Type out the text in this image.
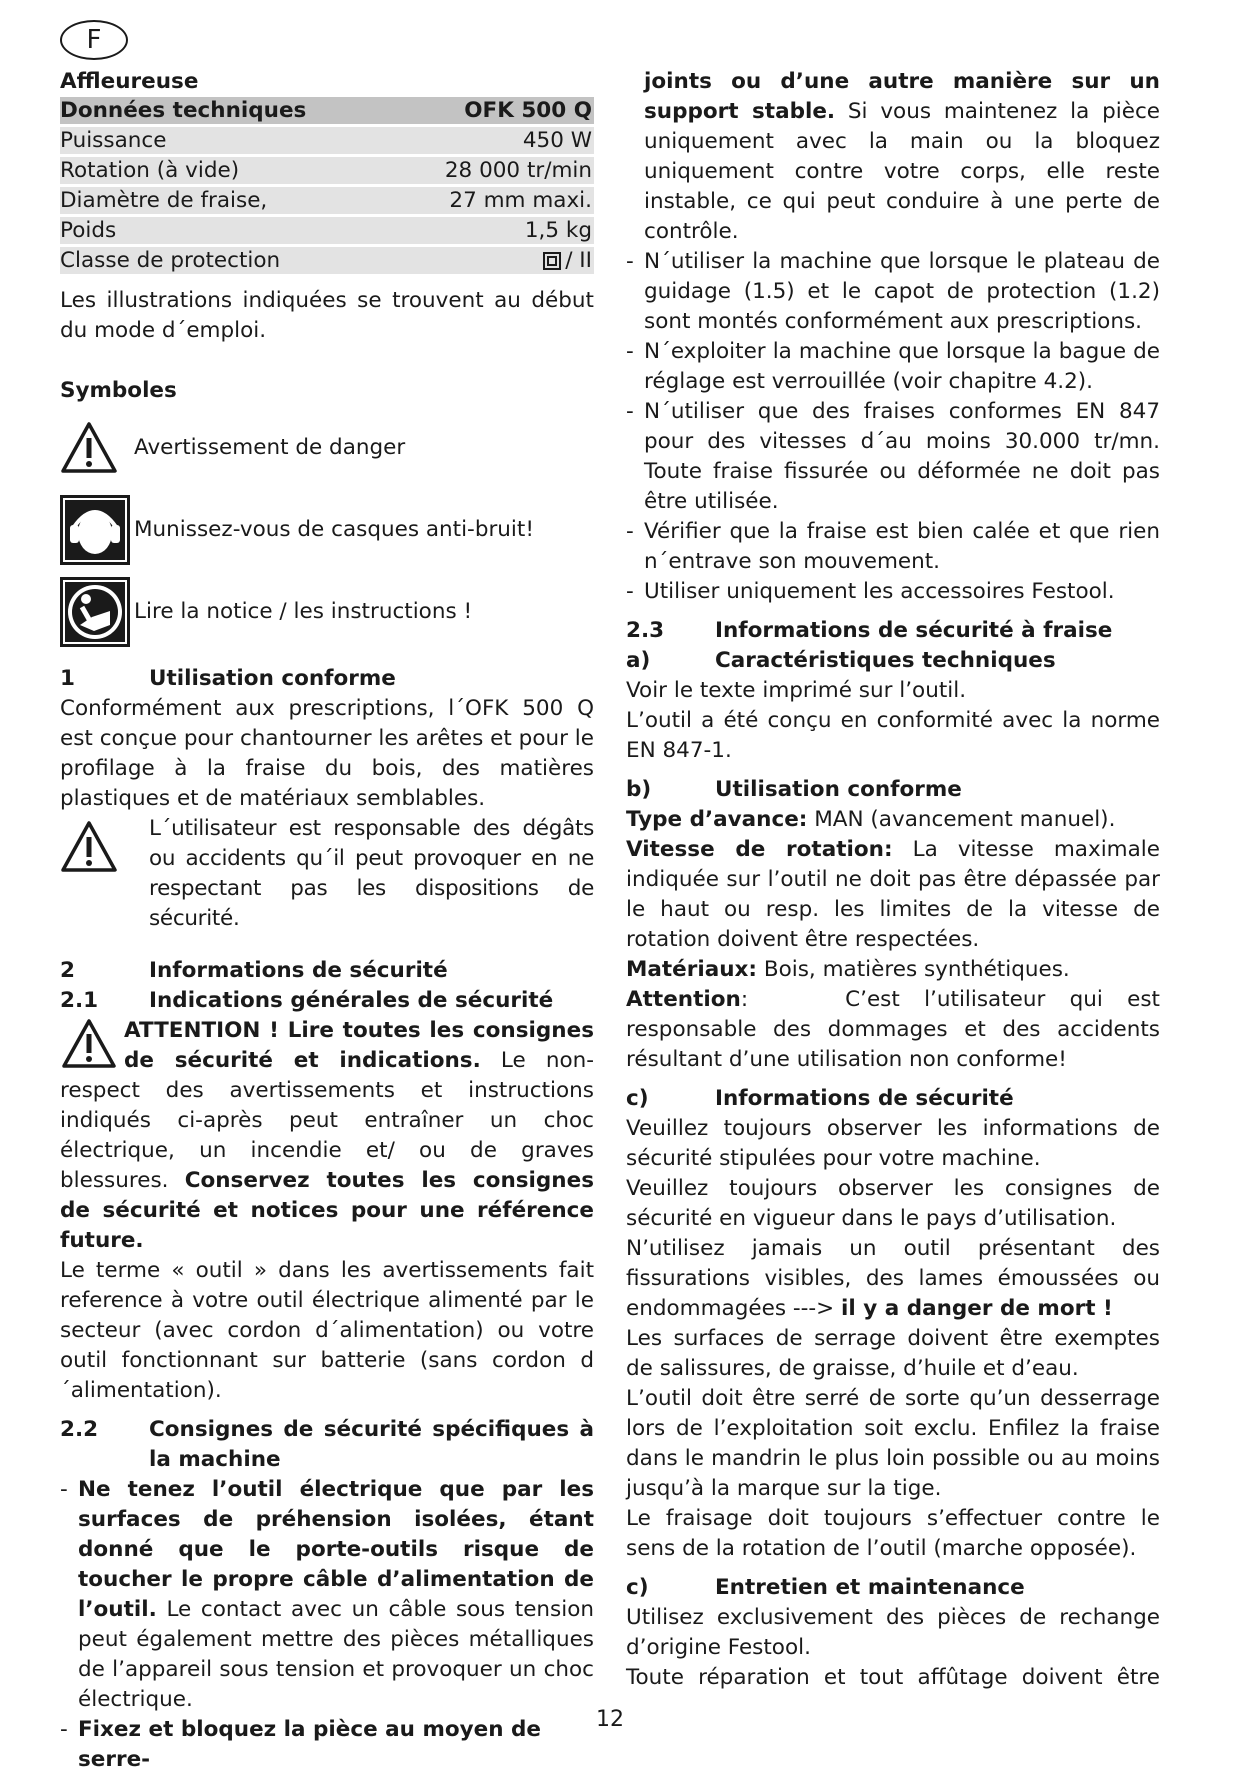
F

Affleureuse

Données techniques	OFK 500 Q
Puissance	450 W
Rotation (à vide)	28 000 tr/min
Diamètre de fraise,	27 mm maxi.
Poids	1,5 kg
Classe de protection	/ II

Les illustrations indiquées se trouvent au début du mode d´emploi.

Symboles

Avertissement de danger
Munissez-vous de casques anti-bruit!
Lire la notice / les instructions !
1	Utilisation conforme

Conformément aux prescriptions, l´OFK 500 Q est conçue pour chantourner les arêtes et pour le profilage à la fraise du bois, des matières plastiques et de matériaux semblables.

L´utilisateur est responsable des dégâts ou accidents qu´il peut provoquer en ne respectant pas les dispositions de sécurité.

2	Informations de sécurité
2.1	Indications générales de sécurité

ATTENTION ! Lire toutes les consignes de sécurité et indications. Le non-respect des avertissements et instructions indiqués ci-après peut entraîner un choc électrique, un incendie et/ ou de graves blessures. Conservez toutes les consignes de sécurité et notices pour une référence future.

Le terme « outil » dans les avertissements fait reference à votre outil électrique alimenté par le secteur (avec cordon d´alimentation) ou votre outil fonctionnant sur batterie (sans cordon d´alimentation).

2.2	Consignes de sécurité spécifiques à la machine
- Ne tenez l’outil électrique que par les surfaces de préhension isolées, étant donné que le porte-outils risque de toucher le propre câble d’alimentation de l’outil. Le contact avec un câble sous tension peut également mettre des pièces métalliques de l’appareil sous tension et provoquer un choc électrique.

- Fixez et bloquez la pièce au moyen de serre-

joints ou d’une autre manière sur un support stable. Si vous maintenez la pièce uniquement avec la main ou la bloquez uniquement contre votre corps, elle reste instable, ce qui peut conduire à une perte de contrôle.

- N´utiliser la machine que lorsque le plateau de guidage (1.5) et le capot de protection (1.2) sont montés conformément aux prescriptions.

- N´exploiter la machine que lorsque la bague de réglage est verrouillée (voir chapitre 4.2).

- N´utiliser que des fraises conformes EN 847 pour des vitesses d´au moins 30.000 tr/mn. Toute fraise fissurée ou déformée ne doit pas être utilisée.

- Vérifier que la fraise est bien calée et que rien n´entrave son mouvement.

- Utiliser uniquement les accessoires Festool.

2.3	Informations de sécurité à fraise
a)	Caractéristiques techniques

Voir le texte imprimé sur l’outil.

L’outil a été conçu en conformité avec la norme EN 847-1.

b)	Utilisation conforme

Type d’avance: MAN (avancement manuel).

Vitesse de rotation: La vitesse maximale indiquée sur l’outil ne doit pas être dépassée par le haut ou resp. les limites de la vitesse de rotation doivent être respectées.

Matériaux: Bois, matières synthétiques.

Attention:    C’est l’utilisateur qui est responsable des dommages et des accidents résultant d’une utilisation non conforme!

c)	Informations de sécurité

Veuillez toujours observer les informations de sécurité stipulées pour votre machine.

Veuillez toujours observer les consignes de sécurité en vigueur dans le pays d’utilisation.

N’utilisez jamais un outil présentant des fissurations visibles, des lames émoussées ou endommagées ---> il y a danger de mort !

Les surfaces de serrage doivent être exemptes de salissures, de graisse, d’huile et d’eau.

L’outil doit être serré de sorte qu’un desserrage lors de l’exploitation soit exclu. Enfilez la fraise dans le mandrin le plus loin possible ou au moins jusqu’à la marque sur la tige.

Le fraisage doit toujours s’effectuer contre le sens de la rotation de l’outil (marche opposée).

c)	Entretien et maintenance

Utilisez exclusivement des pièces de rechange d’origine Festool.

Toute réparation et tout affûtage doivent être

12
